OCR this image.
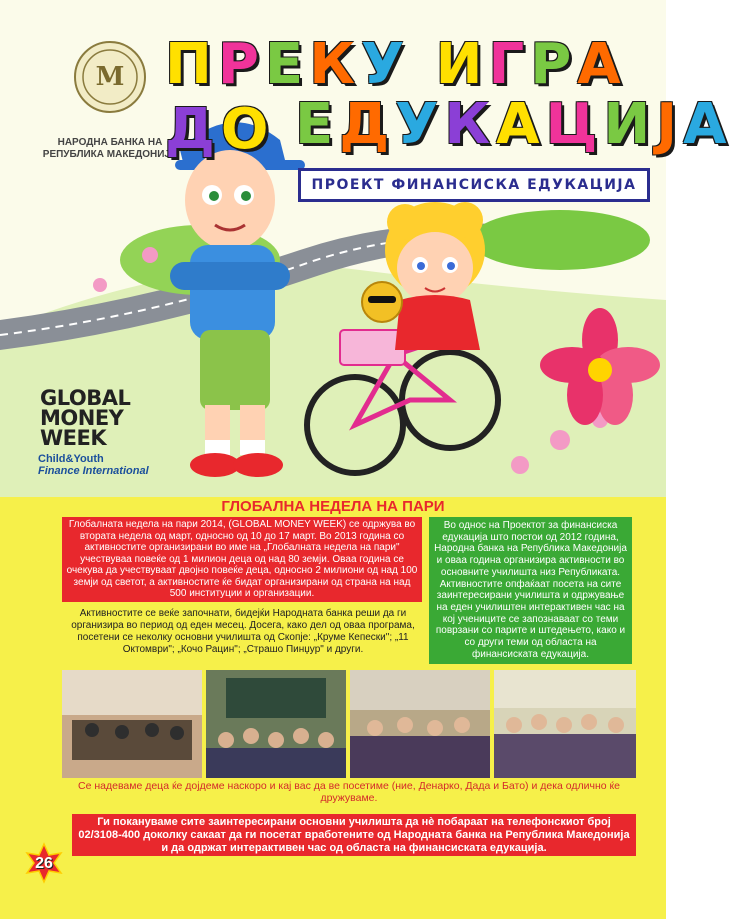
M
НАРОДНА БАНКА НА
РЕПУБЛИКА МАКЕДОНИЈА
ПРЕКУ ИГРА ДО ЕДУКАЦИЈА
ПРОЕКТ ФИНАНСИСКА ЕДУКАЦИЈА
GLOBAL
MONEY
WEEK
Child&Youth
Finance International
ГЛОБАЛНА НЕДЕЛА НА ПАРИ
Глобалната недела на пари 2014, (GLOBAL MONEY WEEK) се одржува во втората недела од март, односно од 10 до 17 март. Во 2013 година со активностите организирани во име на „Глобалната недела на пари" учествуваа повеќе од 1 милион деца од над 80 земји. Оваа година се очекува да учествуваат двојно повеќе деца, односно 2 милиони од над 100 земји од светот, а активностите ќе бидат организирани од страна на над 500 институции и организации.
Активностите се веќе започнати, бидејќи Народната банка реши да ги организира во период од еден месец. Досега, како дел од оваа програма, посетени се неколку основни училишта од Скопје: „Круме Кепески"; „11 Октомври"; „Кочо Рацин"; „Страшо Пинџур" и други.
Во однос на Проектот за финансиска едукација што постои од 2012 година, Народна банка на Република Македонија и оваа година организира активности во основните училишта низ Републиката. Активностите опфаќаат посета на сите заинтересирани училишта и одржување на еден училиштен интерактивен час на кој учениците се запознаваат со теми поврзани со парите и штедењето, како и со други теми од областа на финансиската едукација.
Се надеваме деца ќе дојдеме наскоро и кај вас да ве посетиме (ние, Денарко, Дада и Бато) и дека одлично ќе дружуваме.
Ги покануваме сите заинтересирани основни училишта да нè побараат на телефонскиот број 02/3108-400 доколку сакаат да ги посетат вработените од Народната банка на Република Македонија и да одржат интерактивен час од областа на финансиската едукација.
26
